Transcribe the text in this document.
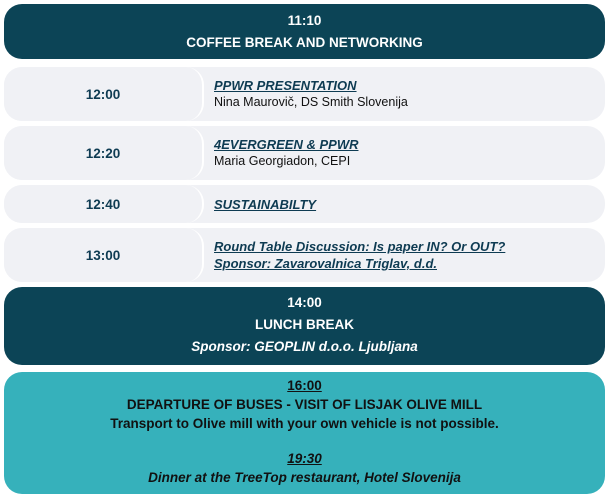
11:10
COFFEE BREAK AND NETWORKING
12:00
PPWR PRESENTATION
Nina Maurovič, DS Smith Slovenija
12:20
4EVERGREEN & PPWR
Maria Georgiadon, CEPI
12:40	SUSTAINABILTY
13:00
Round Table Discussion: Is paper IN? Or OUT?
Sponsor: Zavarovalnica Triglav, d.d.
14:00
LUNCH BREAK
Sponsor: GEOPLIN d.o.o. Ljubljana
16:00
DEPARTURE OF BUSES - VISIT OF LISJAK OLIVE MILL
Transport to Olive mill with your own vehicle is not possible.
19:30
Dinner at the TreeTop restaurant, Hotel Slovenija
